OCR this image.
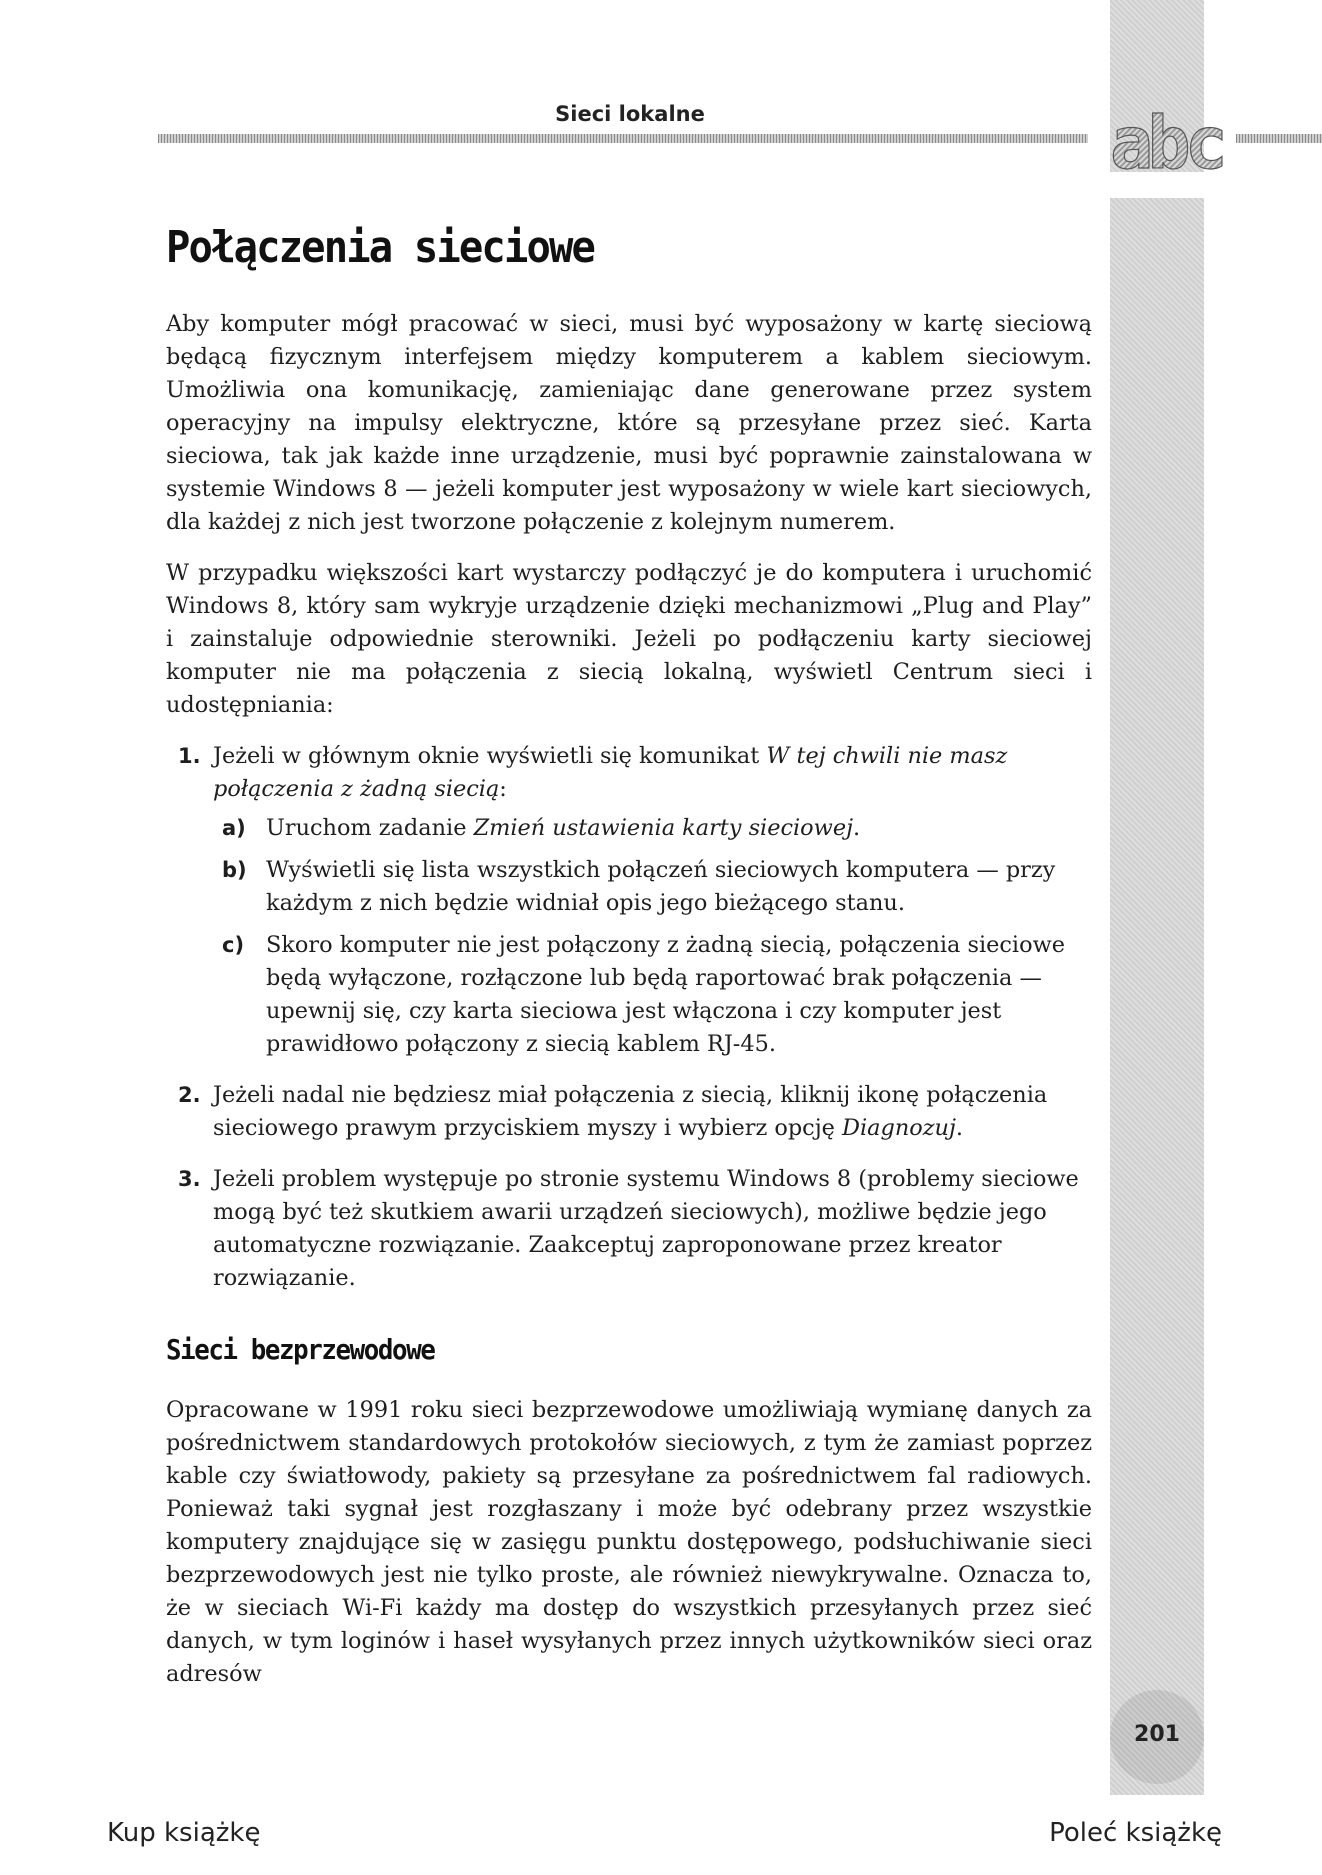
Sieci lokalne	abc
Połączenia sieciowe

Aby komputer mógł pracować w sieci, musi być wyposażony w kartę sieciową będącą fizycznym interfejsem między komputerem a kablem sieciowym. Umożliwia ona komunikację, zamieniając dane generowane przez system operacyjny na impulsy elektryczne, które są przesyłane przez sieć. Karta sieciowa, tak jak każde inne urządzenie, musi być poprawnie zainstalowana w systemie Windows 8 — jeżeli komputer jest wyposażony w wiele kart sieciowych, dla każdej z nich jest tworzone połączenie z kolejnym numerem.

W przypadku większości kart wystarczy podłączyć je do komputera i uruchomić Windows 8, który sam wykryje urządzenie dzięki mechanizmowi „Plug and Play” i zainstaluje odpowiednie sterowniki. Jeżeli po podłączeniu karty sieciowej komputer nie ma połączenia z siecią lokalną, wyświetl Centrum sieci i udostępniania:

1. Jeżeli w głównym oknie wyświetli się komunikat W tej chwili nie masz połączenia z żadną siecią:
a) Uruchom zadanie Zmień ustawienia karty sieciowej.
b) Wyświetli się lista wszystkich połączeń sieciowych komputera — przy każdym z nich będzie widniał opis jego bieżącego stanu.
c) Skoro komputer nie jest połączony z żadną siecią, połączenia sieciowe będą wyłączone, rozłączone lub będą raportować brak połączenia — upewnij się, czy karta sieciowa jest włączona i czy komputer jest prawidłowo połączony z siecią kablem RJ-45.
2. Jeżeli nadal nie będziesz miał połączenia z siecią, kliknij ikonę połączenia sieciowego prawym przyciskiem myszy i wybierz opcję Diagnozuj.
3. Jeżeli problem występuje po stronie systemu Windows 8 (problemy sieciowe mogą być też skutkiem awarii urządzeń sieciowych), możliwe będzie jego automatyczne rozwiązanie. Zaakceptuj zaproponowane przez kreator rozwiązanie.
Sieci bezprzewodowe

Opracowane w 1991 roku sieci bezprzewodowe umożliwiają wymianę danych za pośrednictwem standardowych protokołów sieciowych, z tym że zamiast poprzez kable czy światłowody, pakiety są przesyłane za pośrednictwem fal radiowych. Ponieważ taki sygnał jest rozgłaszany i może być odebrany przez wszystkie komputery znajdujące się w zasięgu punktu dostępowego, podsłuchiwanie sieci bezprzewodowych jest nie tylko proste, ale również niewykrywalne. Oznacza to, że w sieciach Wi-Fi każdy ma dostęp do wszystkich przesyłanych przez sieć danych, w tym loginów i haseł wysyłanych przez innych użytkowników sieci oraz adresów

201
Kup książkę	Poleć książkę
